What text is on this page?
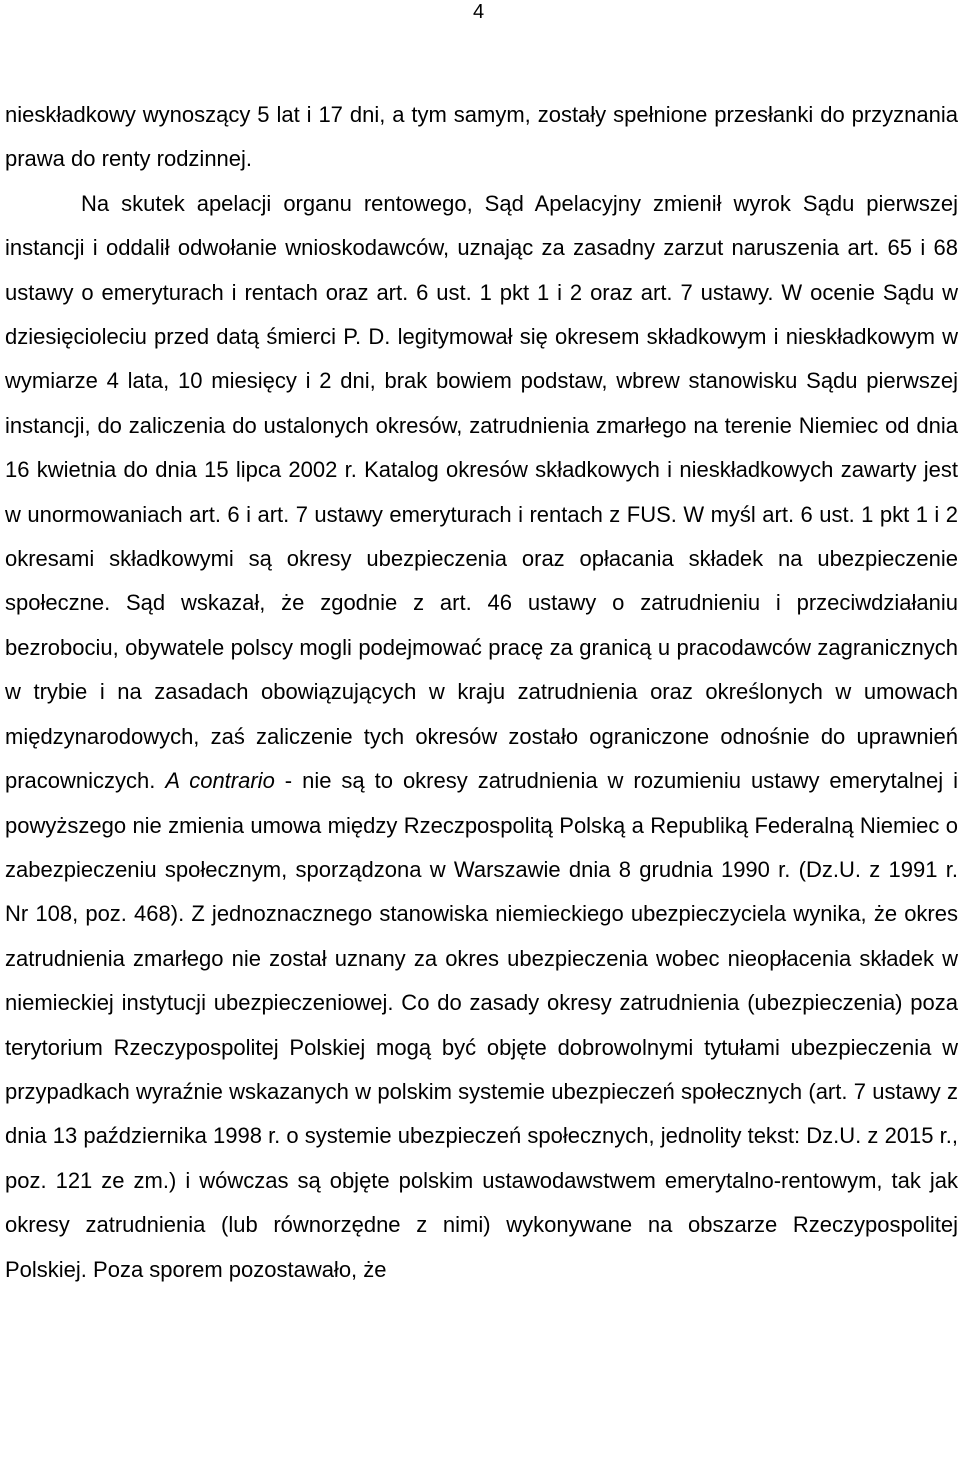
4

nieskładkowy wynoszący 5 lat i 17 dni, a tym samym, zostały spełnione przesłanki do przyznania prawa do renty rodzinnej.

Na skutek apelacji organu rentowego, Sąd Apelacyjny zmienił wyrok Sądu pierwszej instancji i oddalił odwołanie wnioskodawców, uznając za zasadny zarzut naruszenia art. 65 i 68 ustawy o emeryturach i rentach oraz art. 6 ust. 1 pkt 1 i 2 oraz art. 7 ustawy. W ocenie Sądu w dziesięcioleciu przed datą śmierci P. D. legitymował się okresem składkowym i nieskładkowym w wymiarze 4 lata, 10 miesięcy i 2 dni, brak bowiem podstaw, wbrew stanowisku Sądu pierwszej instancji, do zaliczenia do ustalonych okresów, zatrudnienia zmarłego na terenie Niemiec od dnia 16 kwietnia do dnia 15 lipca 2002 r. Katalog okresów składkowych i nieskładkowych zawarty jest w unormowaniach art. 6 i art. 7 ustawy emeryturach i rentach z FUS. W myśl art. 6 ust. 1 pkt 1 i 2 okresami składkowymi są okresy ubezpieczenia oraz opłacania składek na ubezpieczenie społeczne. Sąd wskazał, że zgodnie z art. 46 ustawy o zatrudnieniu i przeciwdziałaniu bezrobociu, obywatele polscy mogli podejmować pracę za granicą u pracodawców zagranicznych w trybie i na zasadach obowiązujących w kraju zatrudnienia oraz określonych w umowach międzynarodowych, zaś zaliczenie tych okresów zostało ograniczone odnośnie do uprawnień pracowniczych. A contrario - nie są to okresy zatrudnienia w rozumieniu ustawy emerytalnej i powyższego nie zmienia umowa między Rzeczpospolitą Polską a Republiką Federalną Niemiec o zabezpieczeniu społecznym, sporządzona w Warszawie dnia 8 grudnia 1990 r. (Dz.U. z 1991 r. Nr 108, poz. 468). Z jednoznacznego stanowiska niemieckiego ubezpieczyciela wynika, że okres zatrudnienia zmarłego nie został uznany za okres ubezpieczenia wobec nieopłacenia składek w niemieckiej instytucji ubezpieczeniowej. Co do zasady okresy zatrudnienia (ubezpieczenia) poza terytorium Rzeczypospolitej Polskiej mogą być objęte dobrowolnymi tytułami ubezpieczenia w przypadkach wyraźnie wskazanych w polskim systemie ubezpieczeń społecznych (art. 7 ustawy z dnia 13 października 1998 r. o systemie ubezpieczeń społecznych, jednolity tekst: Dz.U. z 2015 r., poz. 121 ze zm.) i wówczas są objęte polskim ustawodawstwem emerytalno-rentowym, tak jak okresy zatrudnienia (lub równorzędne z nimi) wykonywane na obszarze Rzeczypospolitej Polskiej. Poza sporem pozostawało, że
